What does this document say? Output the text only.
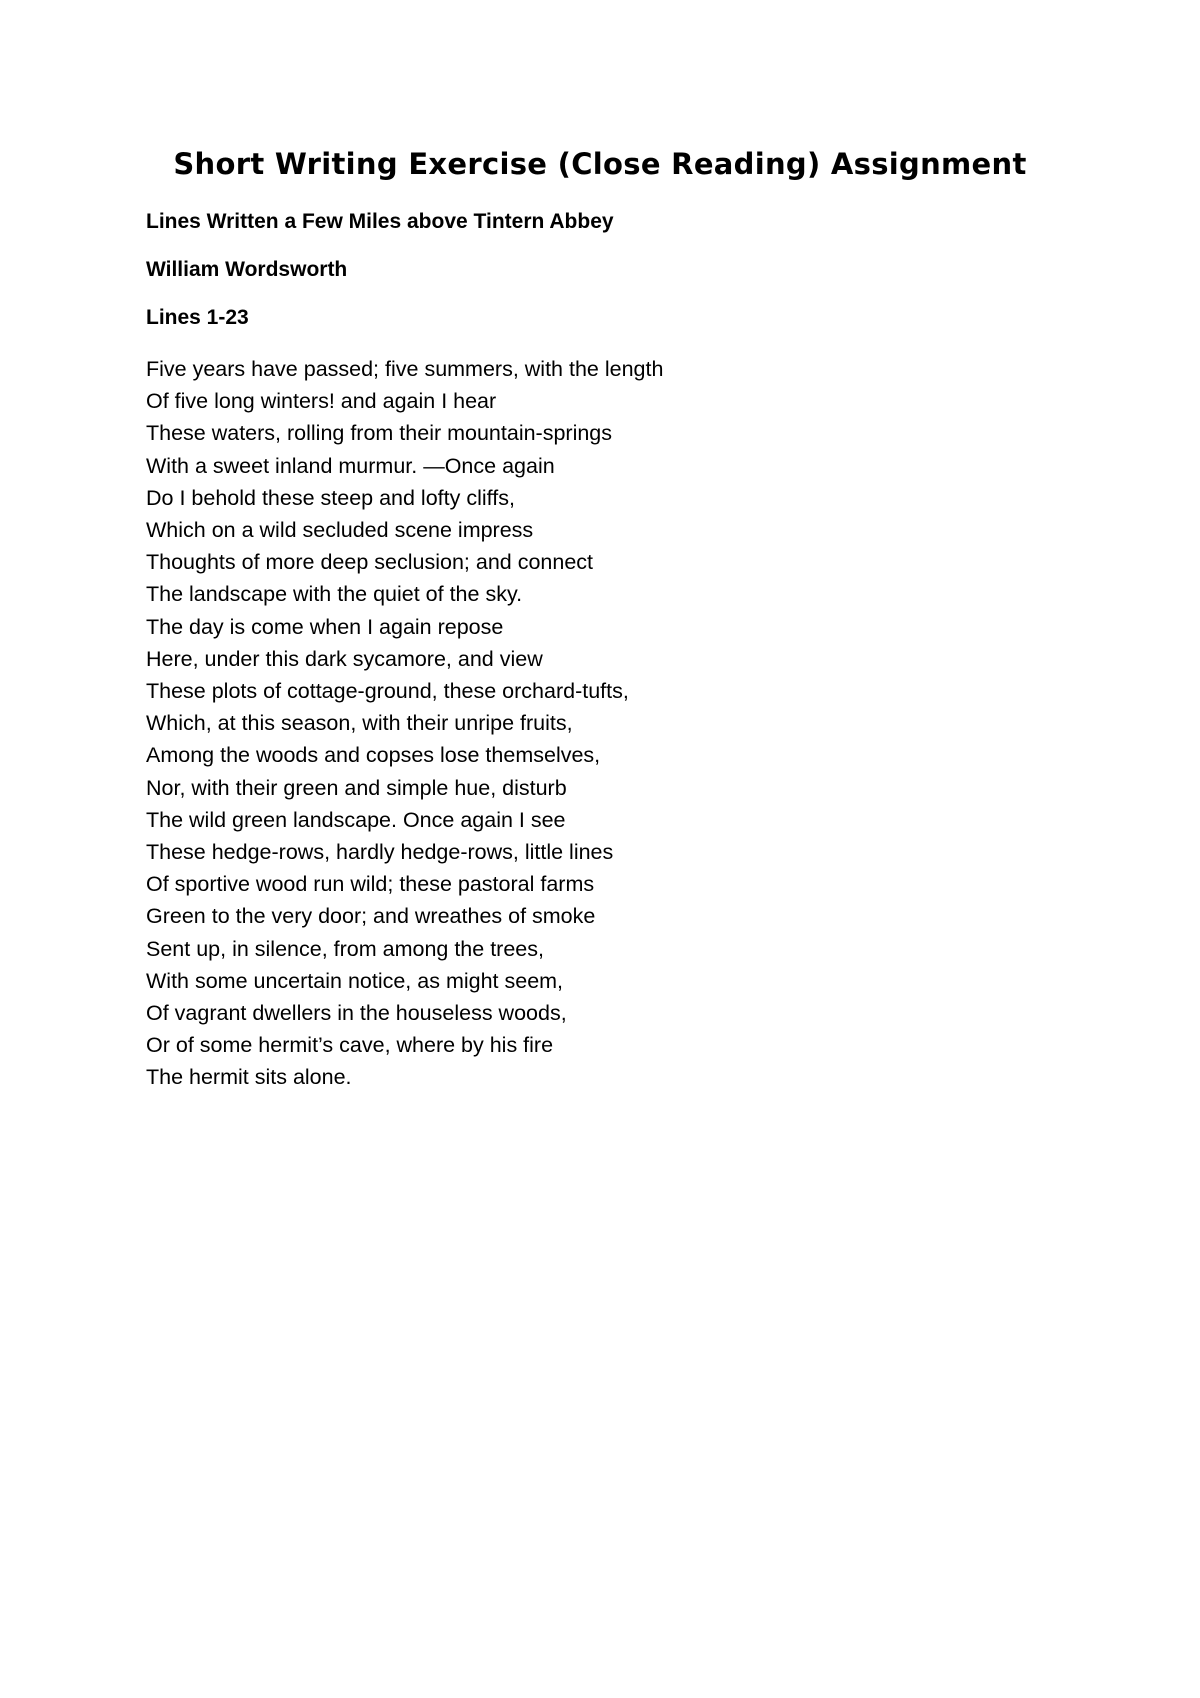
Short Writing Exercise (Close Reading) Assignment
Lines Written a Few Miles above Tintern Abbey
William Wordsworth
Lines 1-23
Five years have passed; five summers, with the length
Of five long winters! and again I hear
These waters, rolling from their mountain-springs
With a sweet inland murmur. —Once again
Do I behold these steep and lofty cliffs,
Which on a wild secluded scene impress
Thoughts of more deep seclusion; and connect
The landscape with the quiet of the sky.
The day is come when I again repose
Here, under this dark sycamore, and view
These plots of cottage-ground, these orchard-tufts,
Which, at this season, with their unripe fruits,
Among the woods and copses lose themselves,
Nor, with their green and simple hue, disturb
The wild green landscape. Once again I see
These hedge-rows, hardly hedge-rows, little lines
Of sportive wood run wild; these pastoral farms
Green to the very door; and wreathes of smoke
Sent up, in silence, from among the trees,
With some uncertain notice, as might seem,
Of vagrant dwellers in the houseless woods,
Or of some hermit’s cave, where by his fire
The hermit sits alone.
